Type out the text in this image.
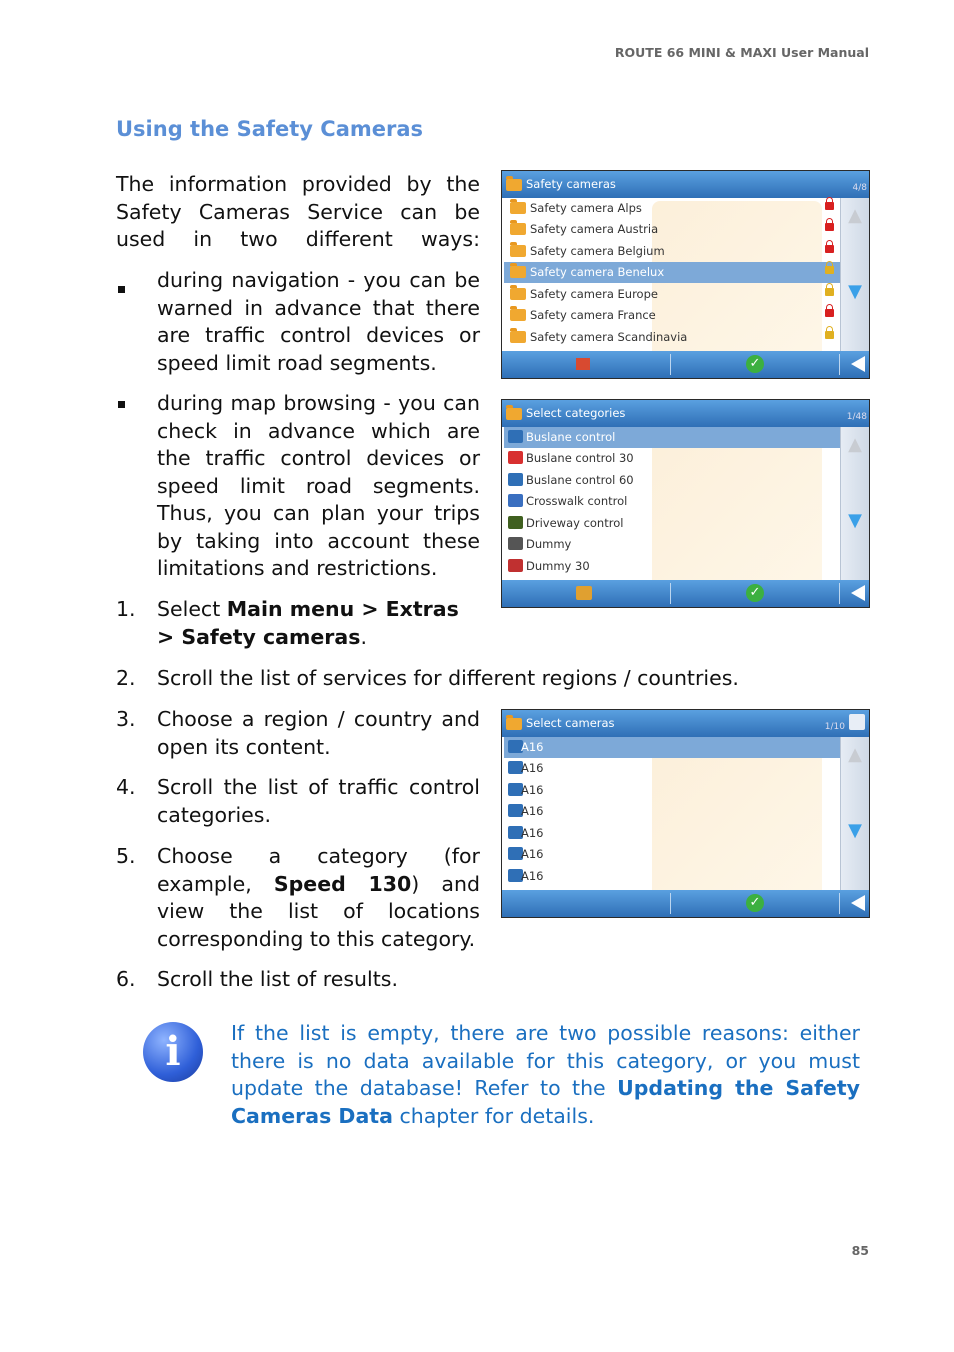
ROUTE 66 MINI & MAXI User Manual
Using the Safety Cameras
The information provided by the Safety Cameras Service can be used in two different ways:
during navigation - you can be warned in advance that there are traffic control devices or speed limit road segments.
during map browsing - you can check in advance which are the traffic control devices or speed limit road segments. Thus, you can plan your trips by taking into account these limitations and restrictions.
1. Select Main menu > Extras > Safety cameras.
2. Scroll the list of services for different regions / countries.
3. Choose a region / country and open its content.
4. Scroll the list of traffic control categories.
5. Choose a category (for example, Speed 130) and view the list of locations corresponding to this category.
6. Scroll the list of results.
Safety cameras	4/8
Safety camera Alps
Safety camera Austria
Safety camera Belgium
Safety camera Benelux
Safety camera Europe
Safety camera France
Safety camera Scandinavia
▲
▼
✓
Select categories	1/48
Buslane control
Buslane control 30
Buslane control 60
Crosswalk control
Driveway control
Dummy
Dummy 30
▲
▼
✓
Select cameras	1/10
A16
A16
A16
A16
A16
A16
A16
▲
▼
✓
i	If the list is empty, there are two possible reasons: either there is no data available for this category, or you must update the database! Refer to the Updating the Safety Cameras Data chapter for details.
85
